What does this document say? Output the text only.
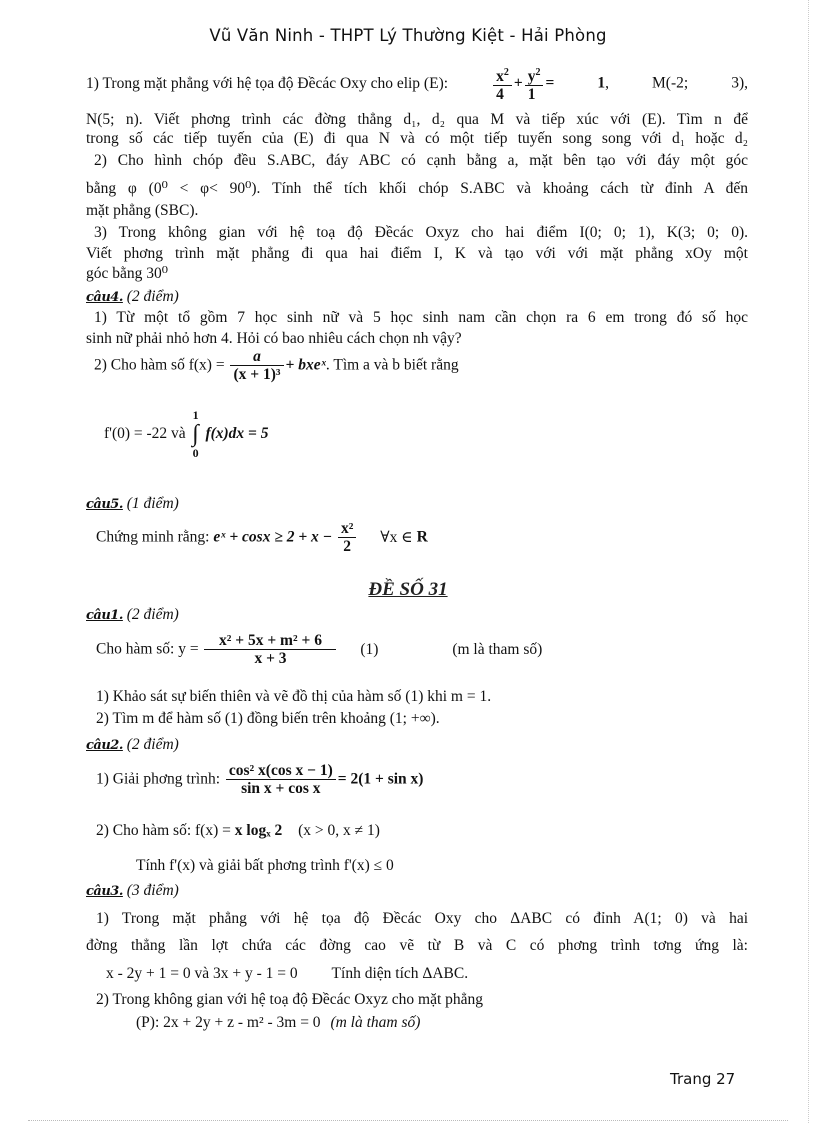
Vũ Văn Ninh - THPT Lý Thường Kiệt - Hải Phòng
1) Trong mặt phẳng với hệ tọa độ Đềcác Oxy cho elip (E):	$\frac{x^2}{4} + \frac{y^2}{1} = 1$, M(-2; 3),
N(5; n). Viết phơng trình các đờng thẳng d₁, d₂ qua M và tiếp xúc với (E). Tìm n để
trong số các tiếp tuyến của (E) đi qua N và có một tiếp tuyến song song với d₁ hoặc d₂
2) Cho hình chóp đều S.ABC, đáy ABC có cạnh bằng a, mặt bên tạo với đáy một góc
bằng φ (0⁰ < φ< 90⁰). Tính thể tích khối chóp S.ABC và khoảng cách từ đỉnh A đến
mặt phẳng (SBC).
3) Trong không gian với hệ toạ độ Đềcác Oxyz cho hai điểm I(0; 0; 1), K(3; 0; 0).
Viết phơng trình mặt phẳng đi qua hai điểm I, K và tạo với với mặt phẳng xOy một
góc bằng 30⁰
câu4. (2 điểm)
1) Từ một tổ gồm 7 học sinh nữ và 5 học sinh nam cần chọn ra 6 em trong đó số học
sinh nữ phải nhỏ hơn 4. Hỏi có bao nhiêu cách chọn nh vậy?
2) Cho hàm số $f(x) = \frac{a}{\text{(x + 1)³}}$ + bxeˣ. Tìm a và b biết rằng
f'(0) = -22 và
1
∫
0
f(x)dx = 5
câu5. (1 điểm)
Chứng minh rằng: eˣ + $\cos x \ge 2 + x - \frac{\text{x²}}{2}$ ∀x ∈ R
ĐỀ SỐ 31
câu1. (2 điểm)
Cho hàm số: $y = \frac{\text{x² + 5x + m² + 6}}{x + 3} (1)$	(m là tham số)
1) Khảo sát sự biến thiên và vẽ đồ thị của hàm số (1) khi m = 1.
2) Tìm m để hàm số (1) đồng biến trên khoảng (1; +∞).
câu2. (2 điểm)
1) Giải phơng trình: $\frac{\text{cos² x(cos x − 1)}}{\text{sin x + cos x}} = 2(1 + \sin x)$
2) Cho hàm số: f(x) = x logₓ 2 (x > 0, x ≠ 1)
Tính f'(x) và giải bất phơng trình f'(x) ≤ 0
câu3. (3 điểm)
1) Trong mặt phẳng với hệ tọa độ Đềcác Oxy cho ΔABC có đỉnh A(1; 0) và hai
đờng thẳng lần lợt chứa các đờng cao vẽ từ B và C có phơng trình tơng ứng là:
x - 2y + 1 = 0 và 3x + y - 1 = 0 Tính diện tích ΔABC.
2) Trong không gian với hệ toạ độ Đềcác Oxyz cho mặt phẳng
(P): 2x + 2y + z - m² - 3m = 0 (m là tham số)
Trang 27
